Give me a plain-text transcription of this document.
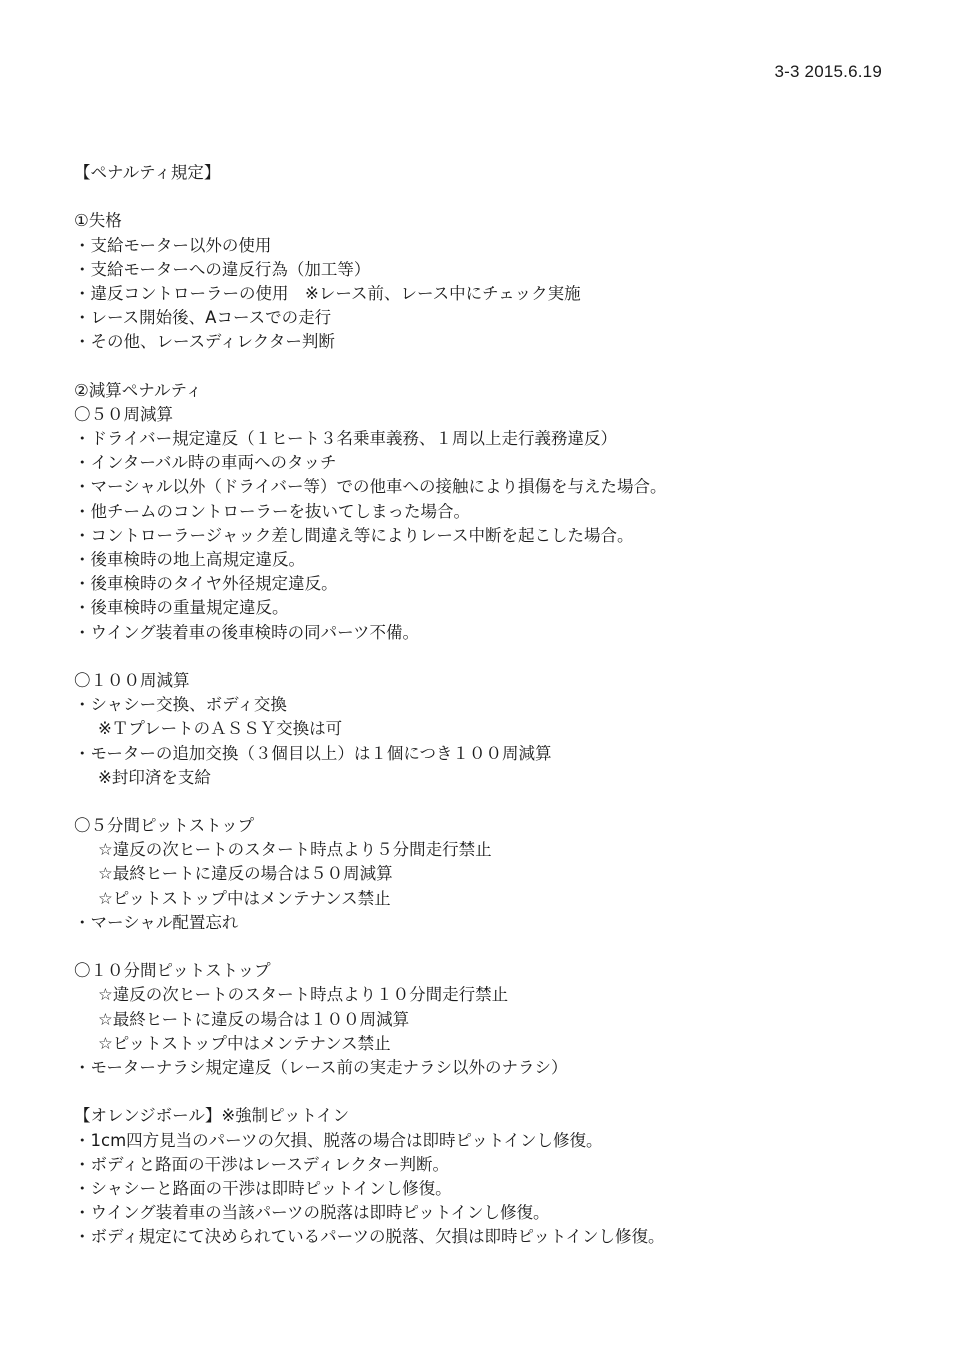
3-3 2015.6.19
【ペナルティ規定】
①失格
・支給モーター以外の使用
・支給モーターへの違反行為（加工等）
・違反コントローラーの使用　※レース前、レース中にチェック実施
・レース開始後、Aコースでの走行
・その他、レースディレクター判断
②減算ペナルティ
〇５０周減算
・ドライバー規定違反（１ヒート３名乗車義務、１周以上走行義務違反）
・インターバル時の車両へのタッチ
・マーシャル以外（ドライバー等）での他車への接触により損傷を与えた場合。
・他チームのコントローラーを抜いてしまった場合。
・コントローラージャック差し間違え等によりレース中断を起こした場合。
・後車検時の地上高規定違反。
・後車検時のタイヤ外径規定違反。
・後車検時の重量規定違反。
・ウイング装着車の後車検時の同パーツ不備。
〇１００周減算
・シャシー交換、ボディ交換
※ＴプレートのＡＳＳＹ交換は可
・モーターの追加交換（３個目以上）は１個につき１００周減算
※封印済を支給
〇５分間ピットストップ
☆違反の次ヒートのスタート時点より５分間走行禁止
☆最終ヒートに違反の場合は５０周減算
☆ピットストップ中はメンテナンス禁止
・マーシャル配置忘れ
〇１０分間ピットストップ
☆違反の次ヒートのスタート時点より１０分間走行禁止
☆最終ヒートに違反の場合は１００周減算
☆ピットストップ中はメンテナンス禁止
・モーターナラシ規定違反（レース前の実走ナラシ以外のナラシ）
【オレンジボール】※強制ピットイン
・1cm四方見当のパーツの欠損、脱落の場合は即時ピットインし修復。
・ボディと路面の干渉はレースディレクター判断。
・シャシーと路面の干渉は即時ピットインし修復。
・ウイング装着車の当該パーツの脱落は即時ピットインし修復。
・ボディ規定にて決められているパーツの脱落、欠損は即時ピットインし修復。
